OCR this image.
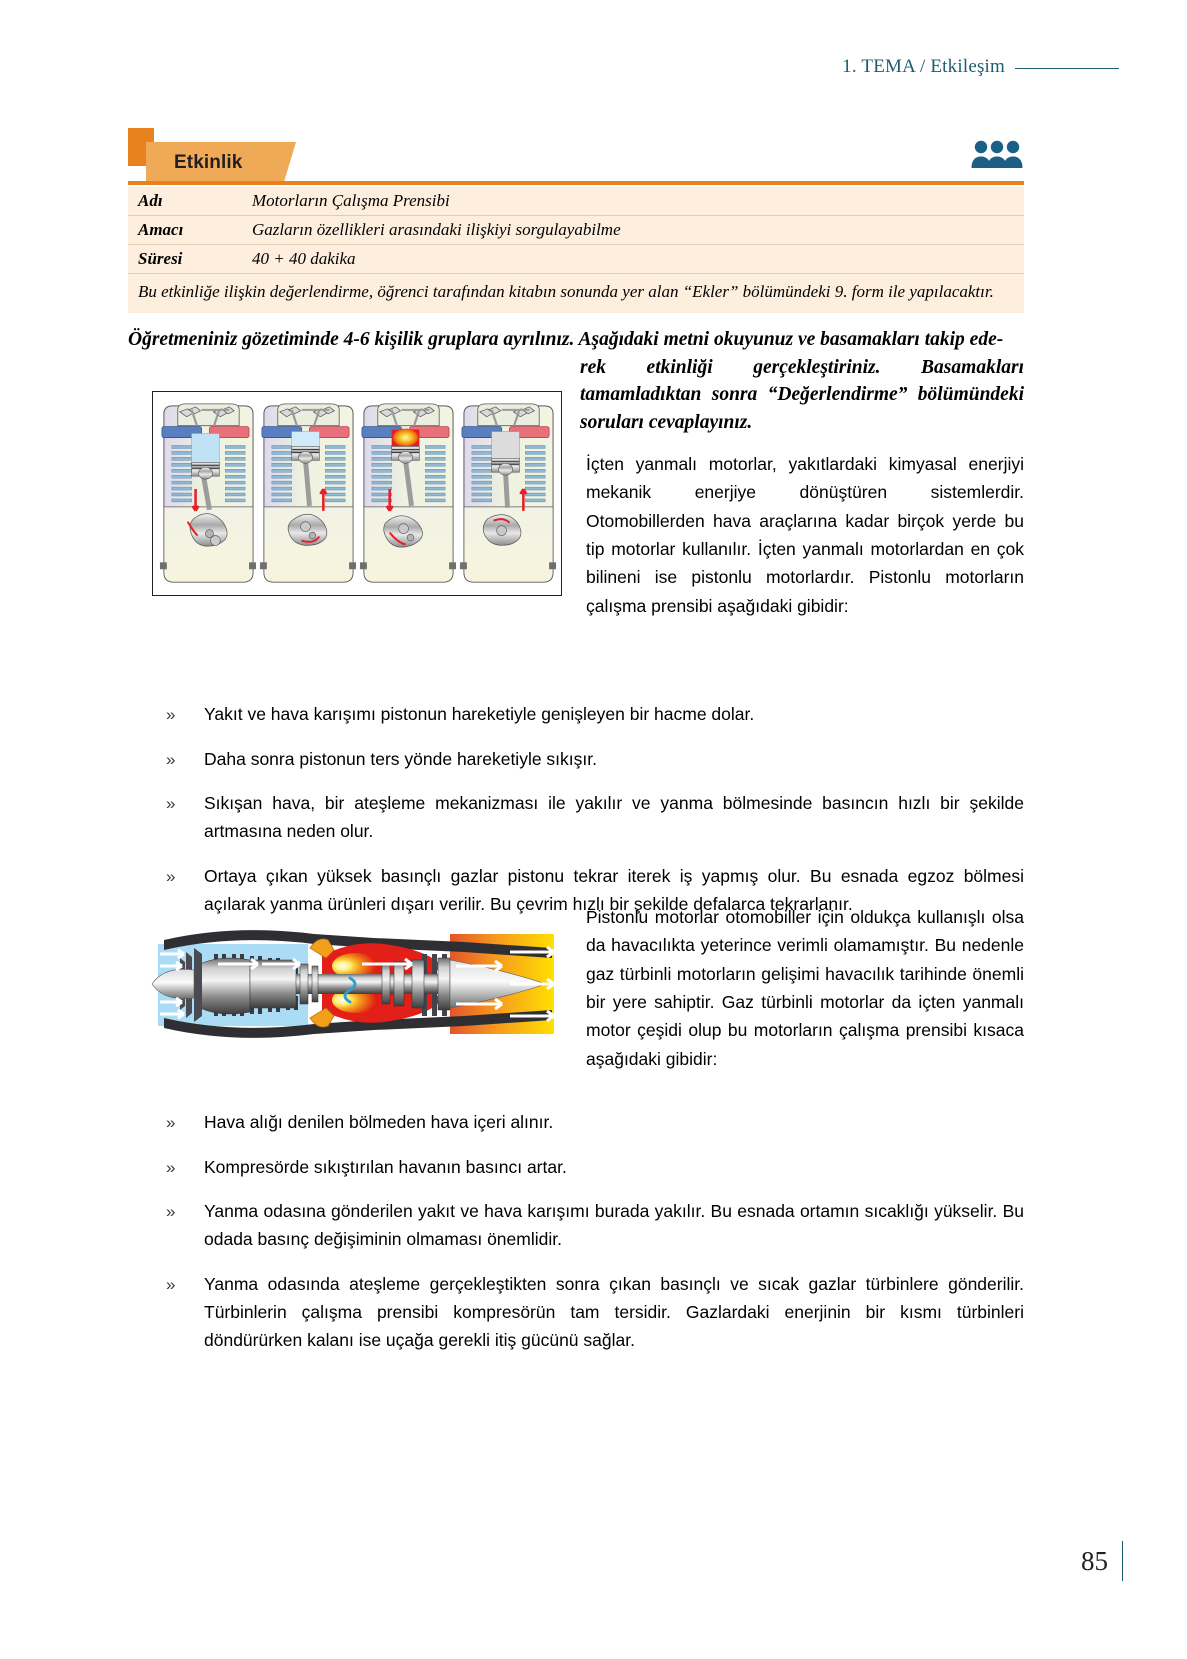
1. TEMA / Etkileşim
Etkinlik
Adı	Motorların Çalışma Prensibi
Amacı	Gazların özellikleri arasındaki ilişkiyi sorgulayabilme
Süresi	40 + 40 dakika
Bu etkinliğe ilişkin değerlendirme, öğrenci tarafından kitabın sonunda yer alan “Ekler” bölümündeki 9. form ile yapılacaktır.
Öğretmeniniz gözetiminde 4-6 kişilik gruplara ayrılınız. Aşağıdaki metni okuyunuz ve basamakları takip ede-
rek etkinliği gerçekleştiriniz. Basamakları tamamladıktan sonra “Değerlendirme” bölümündeki soruları cevaplayınız.
İçten yanmalı motorlar, yakıtlardaki kimyasal enerjiyi mekanik enerjiye dönüştüren sistemlerdir. Otomobillerden hava araçlarına kadar birçok yerde bu tip motorlar kullanılır. İçten yanmalı motorlardan en çok bilineni ise pistonlu motorlardır. Pistonlu motorların çalışma prensibi aşağıdaki gibidir:
»	Yakıt ve hava karışımı pistonun hareketiyle genişleyen bir hacme dolar.
»	Daha sonra pistonun ters yönde hareketiyle sıkışır.
»	Sıkışan hava, bir ateşleme mekanizması ile yakılır ve yanma bölmesinde basıncın hızlı bir şekilde artmasına neden olur.
»	Ortaya çıkan yüksek basınçlı gazlar pistonu tekrar iterek iş yapmış olur. Bu esnada egzoz bölmesi açılarak yanma ürünleri dışarı verilir. Bu çevrim hızlı bir şekilde defalarca tekrarlanır.
Pistonlu motorlar otomobiller için oldukça kullanışlı olsa da havacılıkta yeterince verimli olamamıştır. Bu nedenle gaz türbinli motorların gelişimi havacılık tarihinde önemli bir yere sahiptir. Gaz türbinli motorlar da içten yanmalı motor çeşidi olup bu motorların çalışma prensibi kısaca aşağıdaki gibidir:
»	Hava alığı denilen bölmeden hava içeri alınır.
»	Kompresörde sıkıştırılan havanın basıncı artar.
»	Yanma odasına gönderilen yakıt ve hava karışımı burada yakılır. Bu esnada ortamın sıcaklığı yükselir. Bu odada basınç değişiminin olmaması önemlidir.
»	Yanma odasında ateşleme gerçekleştikten sonra çıkan basınçlı ve sıcak gazlar türbinlere gönderilir. Türbinlerin çalışma prensibi kompresörün tam tersidir. Gazlardaki enerjinin bir kısmı türbinleri döndürürken kalanı ise uçağa gerekli itiş gücünü sağlar.
85
